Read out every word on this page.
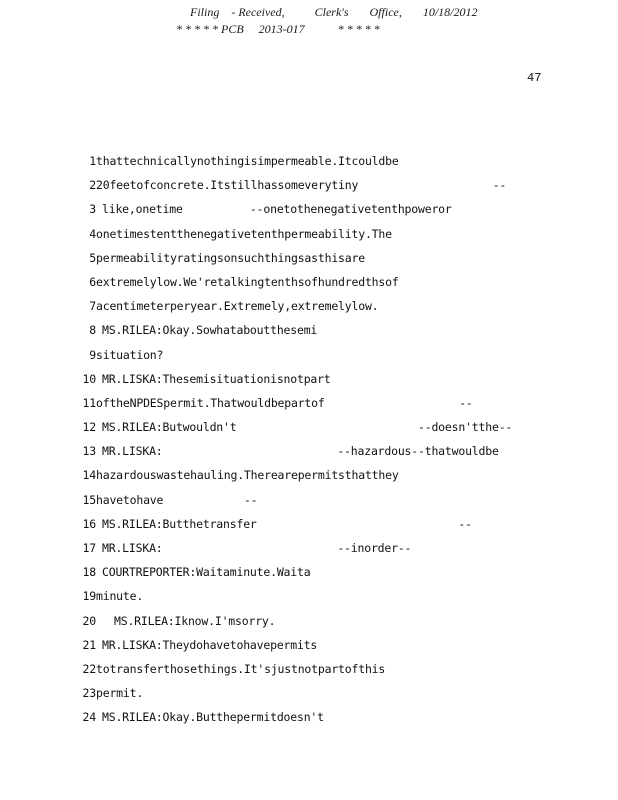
Filing    - Received,          Clerk's       Office,       10/18/2012
* * * * * PCB     2013-017           * * * * *
47
1 thattechnicallynothingisimpermeable.Itcouldbe
2 20feetofconcrete.Itstillhassomeverytiny                    --
3 like,onetime          --onetothenegativetenthpoweror
4 onetimestentthenegativetenthpermeability.The
5 permeabilityratingsonsuchthingsasthisare
6 extremelylow.We'retalkingtenthsofhundredthsof
7 acentimeterperyear.Extremely,extremelylow.
8 MS.RILEA:Okay.Sowhataboutthesemi
9 situation?
10 MR.LISKA:Thesemisituationisnotpart
11 oftheNPDESpermit.Thatwouldbepartof                    --
12 MS.RILEA:Butwouldn't                           --doesn'tthe--
13 MR.LISKA:                          --hazardous--thatwouldbe
14 hazardouswastehauling.Therearepermitsthatthey
15 havetohave            --
16 MS.RILEA:Butthetransfer                              --
17 MR.LISKA:                          --inorder--
18 COURTREPORTER:Waitaminute.Waita
19 minute.
20 MS.RILEA:Iknow.I'msorry.
21 MR.LISKA:Theydohavetohavepermits
22 totransferthosethings.It'sjustnotpartofthis
23 permit.
24 MS.RILEA:Okay.Butthepermitdoesn't
